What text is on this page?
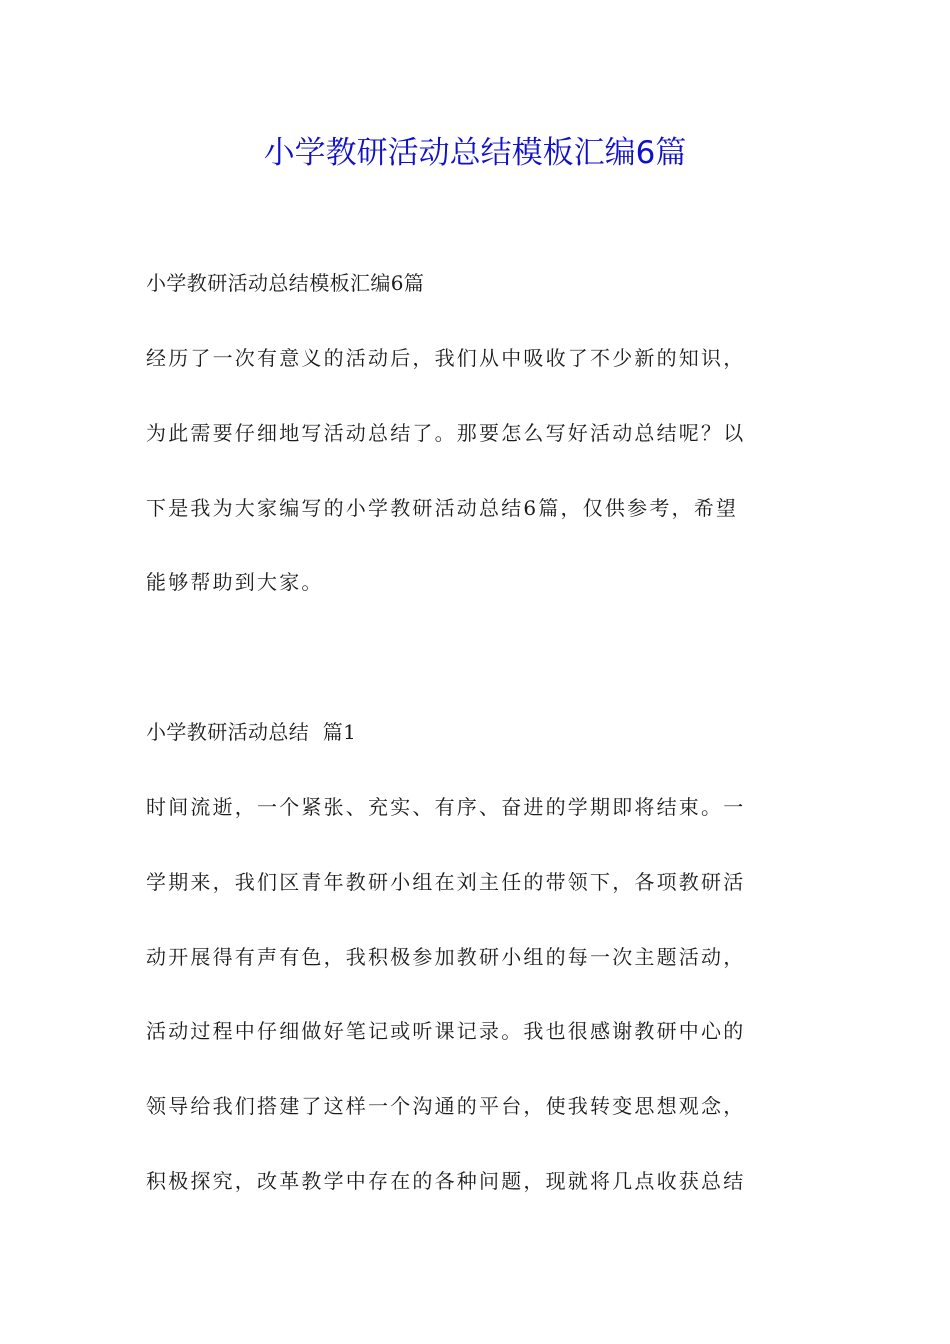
小学教研活动总结模板汇编6篇

小学教研活动总结模板汇编6篇

经历了一次有意义的活动后，我们从中吸收了不少新的知识，

为此需要仔细地写活动总结了。那要怎么写好活动总结呢？以

下是我为大家编写的小学教研活动总结6篇，仅供参考，希望

能够帮助到大家。

小学教研活动总结  篇1

时间流逝，一个紧张、充实、有序、奋进的学期即将结束。一

学期来，我们区青年教研小组在刘主任的带领下，各项教研活

动开展得有声有色，我积极参加教研小组的每一次主题活动，

活动过程中仔细做好笔记或听课记录。我也很感谢教研中心的

领导给我们搭建了这样一个沟通的平台，使我转变思想观念，

积极探究，改革教学中存在的各种问题，现就将几点收获总结
